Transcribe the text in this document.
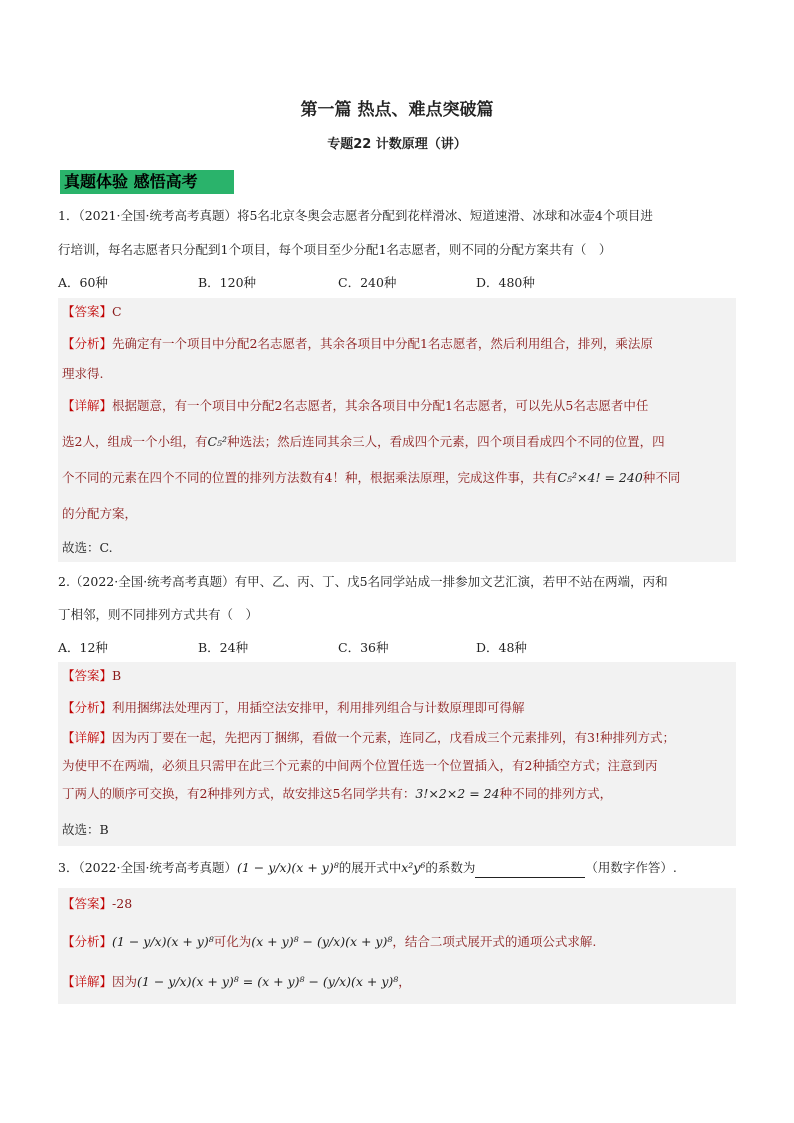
第一篇 热点、难点突破篇
专题22 计数原理（讲）
真题体验 感悟高考
1．（2021·全国·统考高考真题）将5名北京冬奥会志愿者分配到花样滑冰、短道速滑、冰球和冰壶4个项目进
行培训，每名志愿者只分配到1个项目，每个项目至少分配1名志愿者，则不同的分配方案共有（　）
A．60种	B．120种	C．240种	D．480种
【答案】C
【分析】先确定有一个项目中分配2名志愿者，其余各项目中分配1名志愿者，然后利用组合，排列，乘法原
理求得.
【详解】根据题意，有一个项目中分配2名志愿者，其余各项目中分配1名志愿者，可以先从5名志愿者中任
选2人，组成一个小组，有C₅²种选法；然后连同其余三人，看成四个元素，四个项目看成四个不同的位置，四
个不同的元素在四个不同的位置的排列方法数有4！种，根据乘法原理，完成这件事，共有C₅²×4! = 240种不同
的分配方案，
故选：C.
2.（2022·全国·统考高考真题）有甲、乙、丙、丁、戊5名同学站成一排参加文艺汇演，若甲不站在两端，丙和
丁相邻，则不同排列方式共有（　）
A．12种	B．24种	C．36种	D．48种
【答案】B
【分析】利用捆绑法处理丙丁，用插空法安排甲，利用排列组合与计数原理即可得解
【详解】因为丙丁要在一起，先把丙丁捆绑，看做一个元素，连同乙，戊看成三个元素排列，有3!种排列方式；
为使甲不在两端，必须且只需甲在此三个元素的中间两个位置任选一个位置插入，有2种插空方式；注意到丙
丁两人的顺序可交换，有2种排列方式，故安排这5名同学共有：3!×2×2 = 24种不同的排列方式，
故选：B
3．（2022·全国·统考高考真题）(1 − y/x)(x + y)⁸的展开式中x²y⁶的系数为	（用数字作答）.
【答案】-28
【分析】(1 − y/x)(x + y)⁸可化为(x + y)⁸ − (y/x)(x + y)⁸，结合二项式展开式的通项公式求解.
【详解】因为(1 − y/x)(x + y)⁸ = (x + y)⁸ − (y/x)(x + y)⁸，
